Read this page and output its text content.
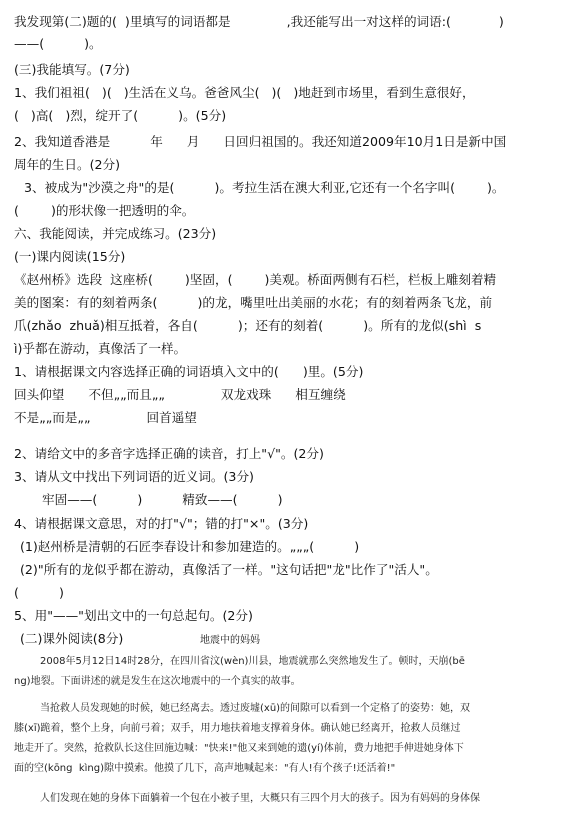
我发现第(二)题的(  )里填写的词语都是              ,我还能写出一对这样的词语:(            )
——(          )。
(三)我能填写。(7分)
1、我们祖祖(   )(   )生活在义乌。爸爸风尘(   )(   )地赶到市场里，看到生意很好，
(   )高(   )烈，绽开了(          )。(5分)
2、我知道香港是          年      月      日回归祖国的。我还知道2009年10月1日是新中国
周年的生日。(2分)
3、被成为"沙漠之舟"的是(          )。考拉生活在澳大利亚,它还有一个名字叫(        )。
(        )的形状像一把透明的伞。
六、我能阅读，并完成练习。(23分)
(一)课内阅读(15分)
《赵州桥》选段  这座桥(        )坚固，(        )美观。桥面两侧有石栏，栏板上雕刻着精
美的图案：有的刻着两条(          )的龙，嘴里吐出美丽的水花；有的刻着两条飞龙，前
爪(zhǎo  zhuǎ)相互抵着，各自(          )；还有的刻着(          )。所有的龙似(shì  s
ì)乎都在游动，真像活了一样。
1、请根据课文内容选择正确的词语填入文中的(      )里。(5分)
回头仰望      不但„„而且„„              双龙戏珠      相互缠绕
不是„„而是„„              回首遥望
2、请给文中的多音字选择正确的读音，打上"√"。(2分)
3、请从文中找出下列词语的近义词。(3分)
牢固——(          )          精致——(          )
4、请根据课文意思，对的打"√"；错的打"×"。(3分)
(1)赵州桥是清朝的石匠李春设计和参加建造的。„„„(          )
(2)"所有的龙似乎都在游动，真像活了一样。"这句话把"龙"比作了"活人"。
(          )
5、用"——"划出文中的一句总起句。(2分)
(二)课外阅读(8分)	地震中的妈妈
2008年5月12日14时28分，在四川省汶(wèn)川县，地震就那么突然地发生了。顿时，天崩(bē
ng)地裂。下面讲述的就是发生在这次地震中的一个真实的故事。
当抢救人员发现她的时候，她已经离去。透过废墟(xū)的间隙可以看到一个定格了的姿势：她，双
膝(xī)跪着，整个上身，向前弓着；双手，用力地扶着地支撑着身体。确认她已经离开，抢救人员继过
地走开了。突然，抢救队长这住回施边喊："快来!"他又来到她的遗(yí)体前，费力地把手伸进她身体下
面的空(kōng  kìng)隙中摸索。他摸了几下，高声地喊起来："有人!有个孩子!还活着!"
人们发现在她的身体下面躺着一个包在小被子里，大概只有三四个月大的孩子。因为有妈妈的身体保
